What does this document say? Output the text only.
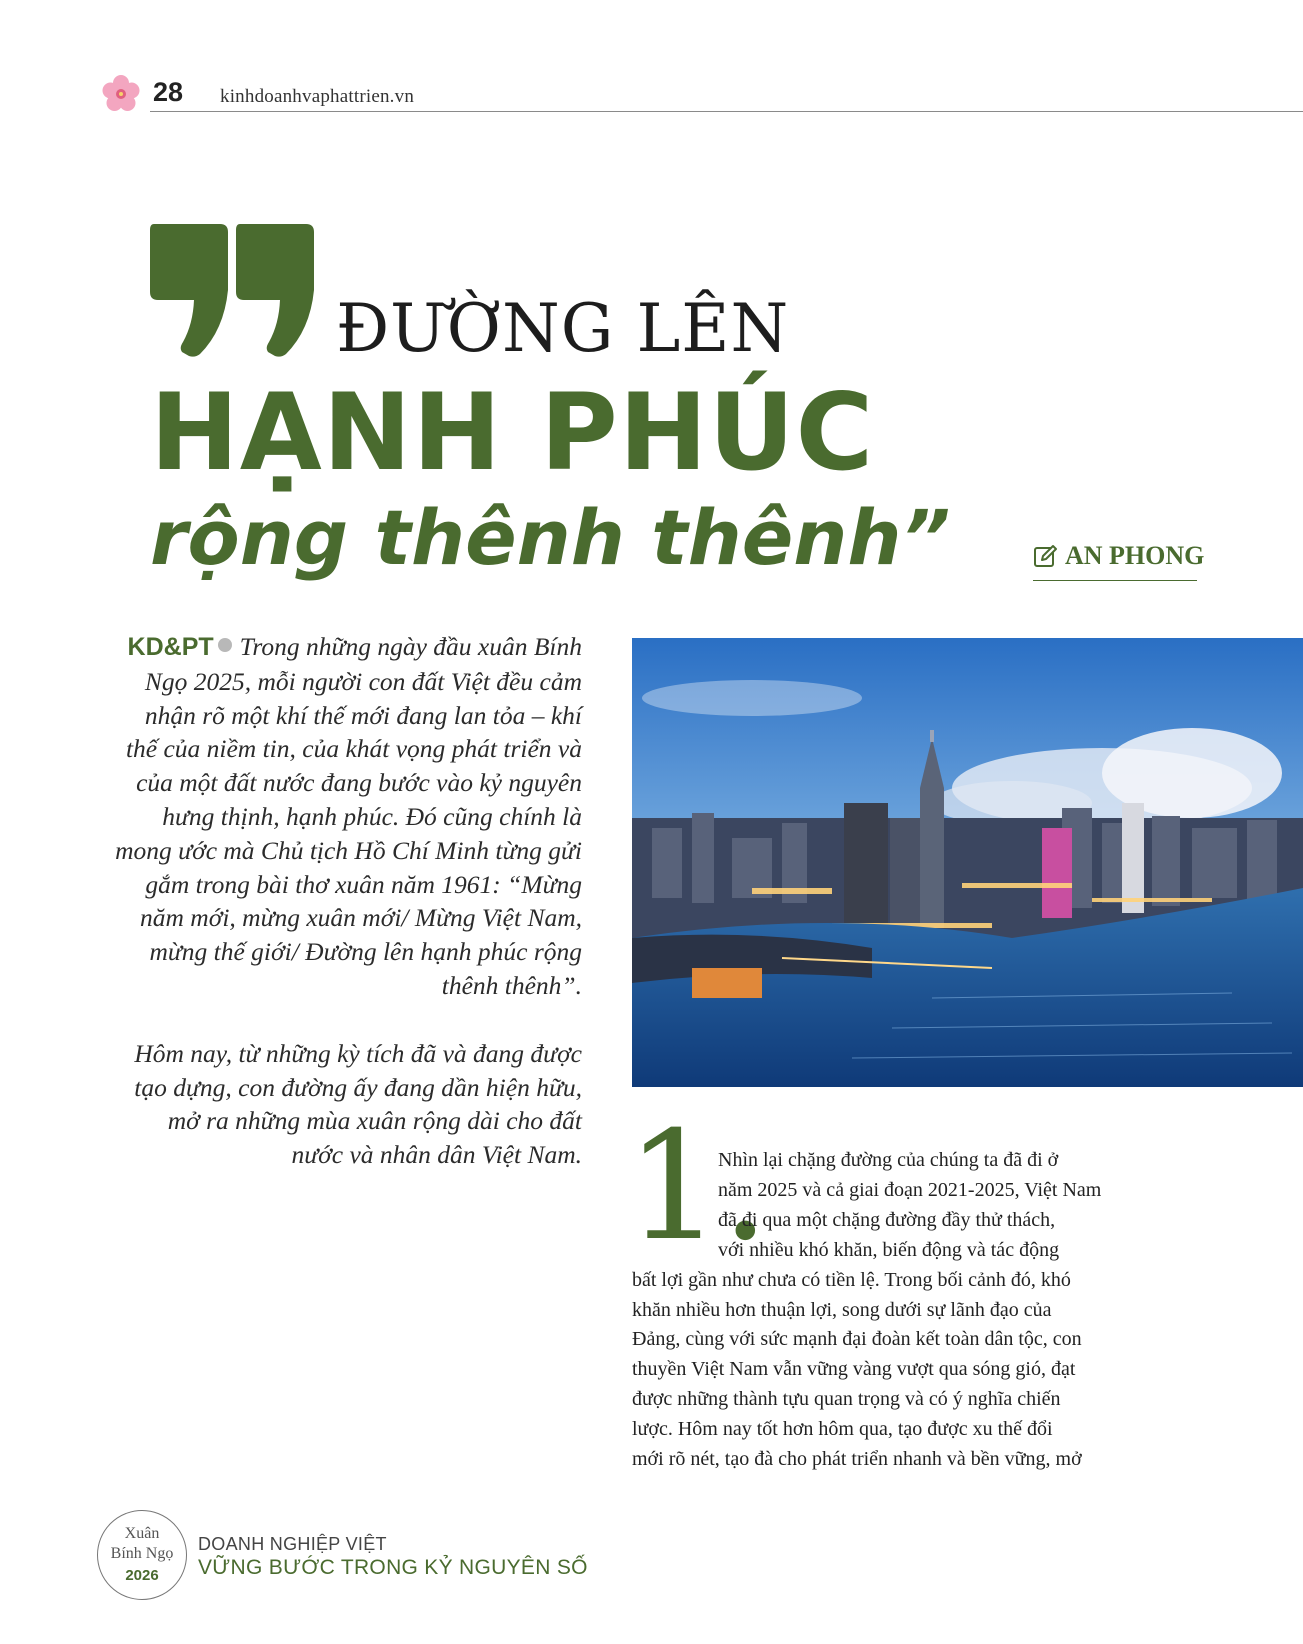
28 kinhdoanhvaphattrien.vn
ĐƯỜNG LÊN
HẠNH PHÚC
rộng thênh thênh”	AN PHONG

KD&PT Trong những ngày đầu xuân Bính Ngọ 2025, mỗi người con đất Việt đều cảm nhận rõ một khí thế mới đang lan tỏa – khí thế của niềm tin, của khát vọng phát triển và của một đất nước đang bước vào kỷ nguyên hưng thịnh, hạnh phúc. Đó cũng chính là mong ước mà Chủ tịch Hồ Chí Minh từng gửi gắm trong bài thơ xuân năm 1961: “Mừng năm mới, mừng xuân mới/ Mừng Việt Nam, mừng thế giới/ Đường lên hạnh phúc rộng thênh thênh”.

Hôm nay, từ những kỳ tích đã và đang được tạo dựng, con đường ấy đang dần hiện hữu, mở ra những mùa xuân rộng dài cho đất nước và nhân dân Việt Nam. 1.
Nhìn lại chặng đường của chúng ta đã đi ở
năm 2025 và cả giai đoạn 2021-2025, Việt Nam
đã đi qua một chặng đường đầy thử thách,
với nhiều khó khăn, biến động và tác động
bất lợi gần như chưa có tiền lệ. Trong bối cảnh đó, khó
khăn nhiều hơn thuận lợi, song dưới sự lãnh đạo của
Đảng, cùng với sức mạnh đại đoàn kết toàn dân tộc, con
thuyền Việt Nam vẫn vững vàng vượt qua sóng gió, đạt
được những thành tựu quan trọng và có ý nghĩa chiến
lược. Hôm nay tốt hơn hôm qua, tạo được xu thế đổi
mới rõ nét, tạo đà cho phát triển nhanh và bền vững, mở
Xuân
Bính Ngọ
2026
DOANH NGHIỆP VIỆT
VỮNG BƯỚC TRONG KỶ NGUYÊN SỐ
